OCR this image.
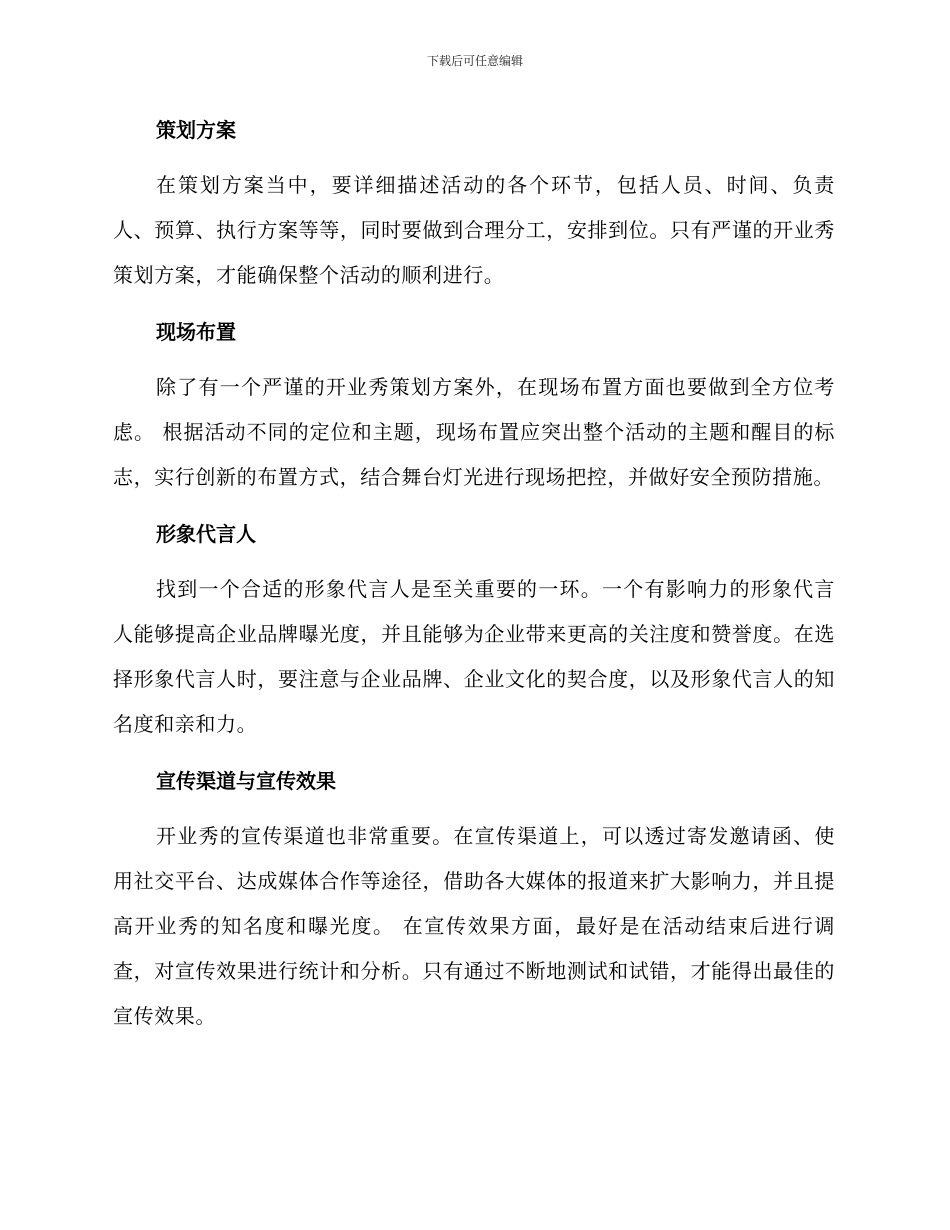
下载后可任意编辑
策划方案

在策划方案当中，要详细描述活动的各个环节，包括人员、时间、负责人、预算、执行方案等等，同时要做到合理分工，安排到位。只有严谨的开业秀策划方案，才能确保整个活动的顺利进行。

现场布置

除了有一个严谨的开业秀策划方案外，在现场布置方面也要做到全方位考虑。 根据活动不同的定位和主题，现场布置应突出整个活动的主题和醒目的标志，实行创新的布置方式，结合舞台灯光进行现场把控，并做好安全预防措施。

形象代言人

找到一个合适的形象代言人是至关重要的一环。一个有影响力的形象代言人能够提高企业品牌曝光度，并且能够为企业带来更高的关注度和赞誉度。在选择形象代言人时，要注意与企业品牌、企业文化的契合度，以及形象代言人的知名度和亲和力。

宣传渠道与宣传效果

开业秀的宣传渠道也非常重要。在宣传渠道上，可以透过寄发邀请函、使用社交平台、达成媒体合作等途径，借助各大媒体的报道来扩大影响力，并且提高开业秀的知名度和曝光度。 在宣传效果方面，最好是在活动结束后进行调查，对宣传效果进行统计和分析。只有通过不断地测试和试错，才能得出最佳的宣传效果。
